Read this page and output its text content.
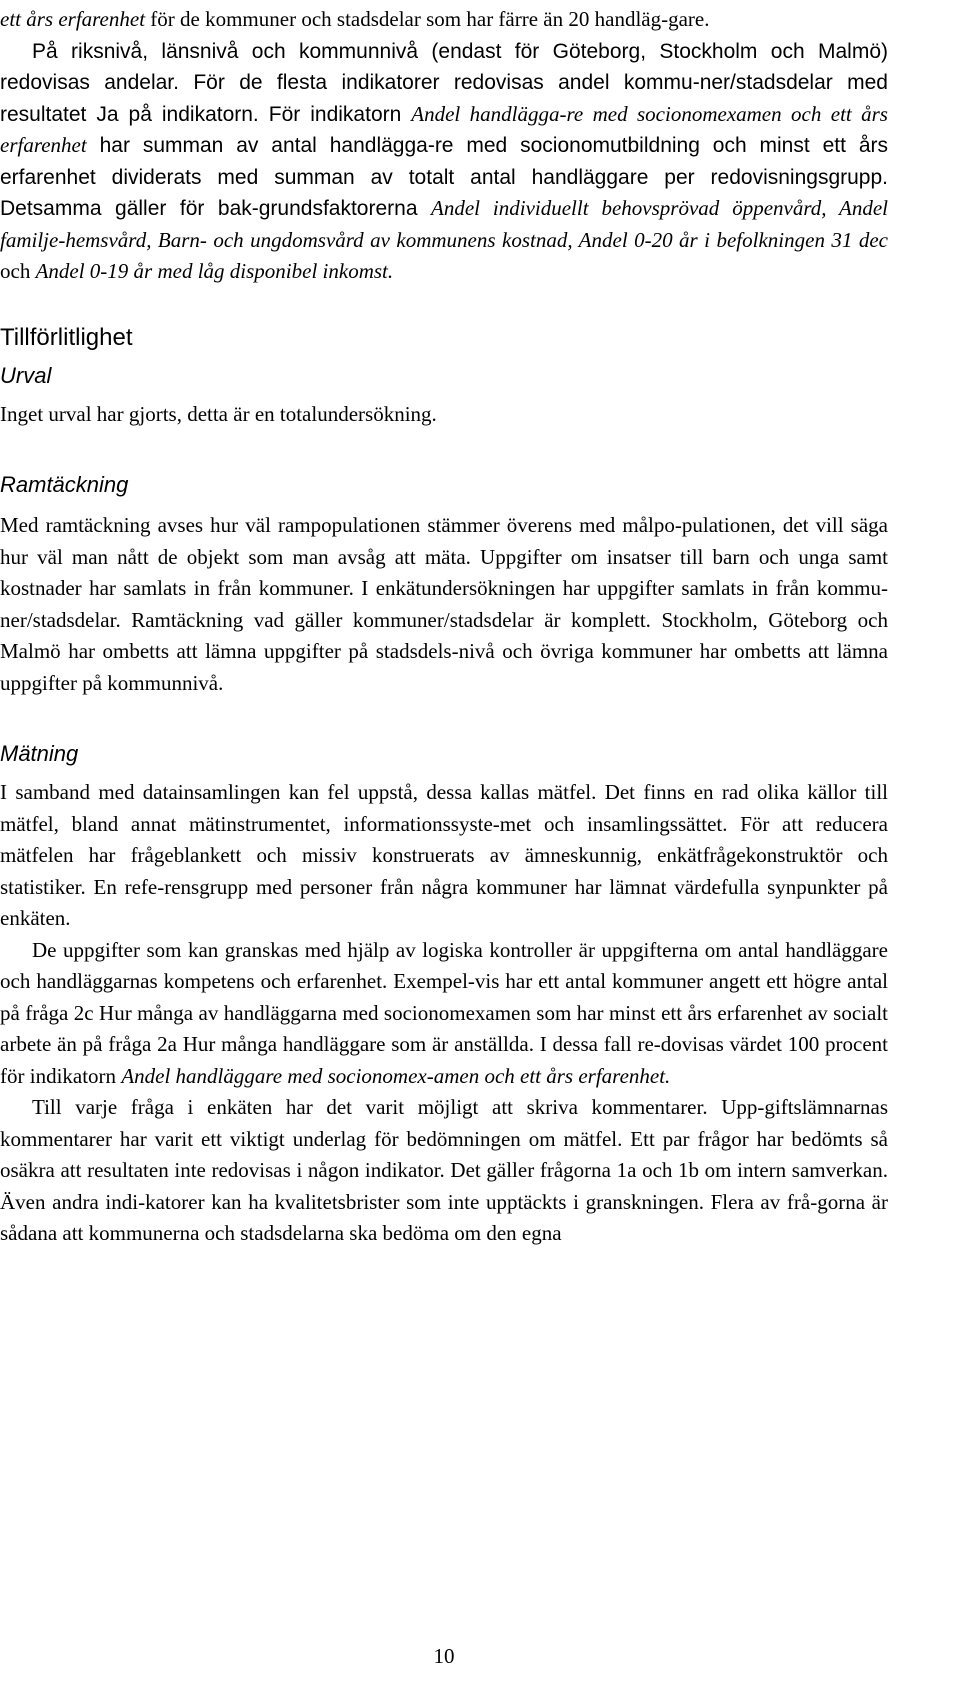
ett års erfarenhet för de kommuner och stadsdelar som har färre än 20 handläg-gare.
På riksnivå, länsnivå och kommunnivå (endast för Göteborg, Stockholm och Malmö) redovisas andelar. För de flesta indikatorer redovisas andel kommu-ner/stadsdelar med resultatet Ja på indikatorn. För indikatorn Andel handlägga-re med socionomexamen och ett års erfarenhet har summan av antal handlägga-re med socionomutbildning och minst ett års erfarenhet dividerats med summan av totalt antal handläggare per redovisningsgrupp. Detsamma gäller för bak-grundsfaktorerna Andel individuellt behovsprövad öppenvård, Andel familje-hemsvård, Barn- och ungdomsvård av kommunens kostnad, Andel 0-20 år i befolkningen 31 dec och Andel 0-19 år med låg disponibel inkomst.

Tillförlitlighet
Urval

Inget urval har gjorts, detta är en totalundersökning.

Ramtäckning

Med ramtäckning avses hur väl rampopulationen stämmer överens med målpo-pulationen, det vill säga hur väl man nått de objekt som man avsåg att mäta. Uppgifter om insatser till barn och unga samt kostnader har samlats in från kommuner. I enkätundersökningen har uppgifter samlats in från kommu-ner/stadsdelar. Ramtäckning vad gäller kommuner/stadsdelar är komplett. Stockholm, Göteborg och Malmö har ombetts att lämna uppgifter på stadsdels-nivå och övriga kommuner har ombetts att lämna uppgifter på kommunnivå.

Mätning

I samband med datainsamlingen kan fel uppstå, dessa kallas mätfel. Det finns en rad olika källor till mätfel, bland annat mätinstrumentet, informationssyste-met och insamlingssättet. För att reducera mätfelen har frågeblankett och missiv konstruerats av ämneskunnig, enkätfrågekonstruktör och statistiker. En refe-rensgrupp med personer från några kommuner har lämnat värdefulla synpunkter på enkäten.

De uppgifter som kan granskas med hjälp av logiska kontroller är uppgifterna om antal handläggare och handläggarnas kompetens och erfarenhet. Exempel-vis har ett antal kommuner angett ett högre antal på fråga 2c Hur många av handläggarna med socionomexamen som har minst ett års erfarenhet av socialt arbete än på fråga 2a Hur många handläggare som är anställda. I dessa fall re-dovisas värdet 100 procent för indikatorn Andel handläggare med socionomex-amen och ett års erfarenhet.

Till varje fråga i enkäten har det varit möjligt att skriva kommentarer. Upp-giftslämnarnas kommentarer har varit ett viktigt underlag för bedömningen om mätfel. Ett par frågor har bedömts så osäkra att resultaten inte redovisas i någon indikator. Det gäller frågorna 1a och 1b om intern samverkan. Även andra indi-katorer kan ha kvalitetsbrister som inte upptäckts i granskningen. Flera av frå-gorna är sådana att kommunerna och stadsdelarna ska bedöma om den egna

10
